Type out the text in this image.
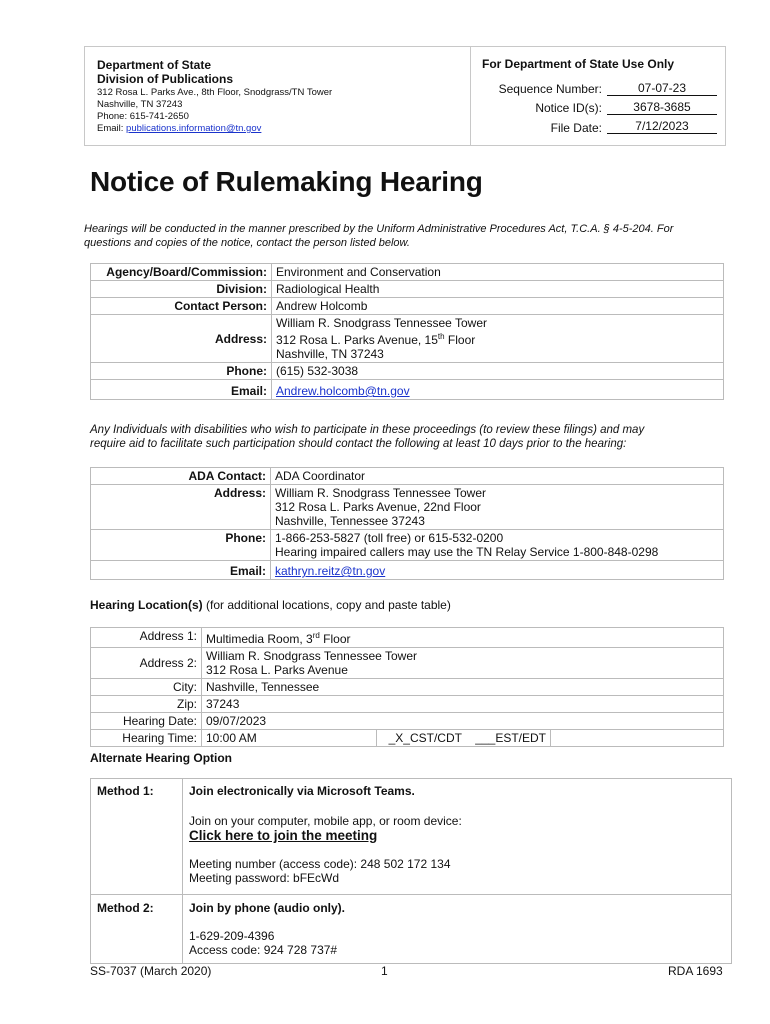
Department of State
Division of Publications
312 Rosa L. Parks Ave., 8th Floor, Snodgrass/TN Tower
Nashville, TN 37243
Phone: 615-741-2650
Email: publications.information@tn.gov
For Department of State Use Only
Sequence Number:	07-07-23
Notice ID(s):	3678-3685
File Date:	7/12/2023
Notice of Rulemaking Hearing
Hearings will be conducted in the manner prescribed by the Uniform Administrative Procedures Act, T.C.A. § 4-5-204. For
questions and copies of the notice, contact the person listed below.
Agency/Board/Commission:	Environment and Conservation
Division:	Radiological Health
Contact Person:	Andrew Holcomb
Address:	William R. Snodgrass Tennessee Tower
312 Rosa L. Parks Avenue, 15th Floor
Nashville, TN 37243

Phone:	(615) 532-3038
Email:	Andrew.holcomb@tn.gov
Any Individuals with disabilities who wish to participate in these proceedings (to review these filings) and may
require aid to facilitate such participation should contact the following at least 10 days prior to the hearing:
ADA Contact:	ADA Coordinator
Address:	William R. Snodgrass Tennessee Tower
312 Rosa L. Parks Avenue, 22nd Floor
Nashville, Tennessee 37243

Phone:	1-866-253-5827 (toll free) or 615-532-0200
Hearing impaired callers may use the TN Relay Service 1-800-848-0298

Email:	kathryn.reitz@tn.gov
Hearing Location(s) (for additional locations, copy and paste table)
Address 1:	Multimedia Room, 3rd Floor		
Address 2:	William R. Snodgrass Tennessee Tower
312 Rosa L. Parks Avenue		

City:	Nashville, Tennessee		
Zip:	37243		
Hearing Date:	09/07/2023		
Hearing Time:	10:00 AM	_X_CST/CDT ___EST/EDT	
Alternate Hearing Option
Method 1:	Join electronically via Microsoft Teams.
Join on your computer, mobile app, or room device:
Click here to join the meeting
Meeting number (access code): 248 502 172 134
Meeting password: bFEcWd

Method 2:	Join by phone (audio only).
1-629-209-4396
Access code: 924 728 737#
SS-7037 (March 2020)	1	RDA 1693
